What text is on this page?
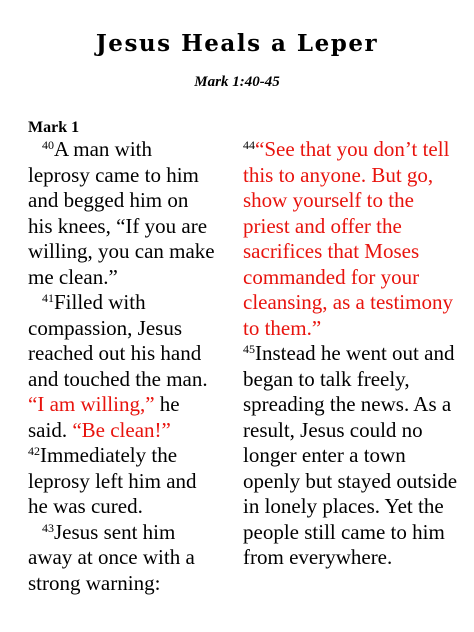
Jesus Heals a Leper
Mark 1:40-45
Mark 1

$^{40}$A man with leprosy came to him and begged him on his knees, “If you are willing, you can make me clean.”

$^{41}$Filled with compassion, Jesus reached out his hand and touched the man. “I am willing,” he said. “Be clean!”

$^{42}$Immediately the leprosy left him and he was cured.

$^{43}$Jesus sent him away at once with a strong warning:

$^{44}$“See that you don’t tell this to anyone. But go, show yourself to the priest and offer the sacrifices that Moses commanded for your cleansing, as a testimony to them.”

$^{45}$Instead he went out and began to talk freely, spreading the news. As a result, Jesus could no longer enter a town openly but stayed outside in lonely places. Yet the people still came to him from everywhere.
